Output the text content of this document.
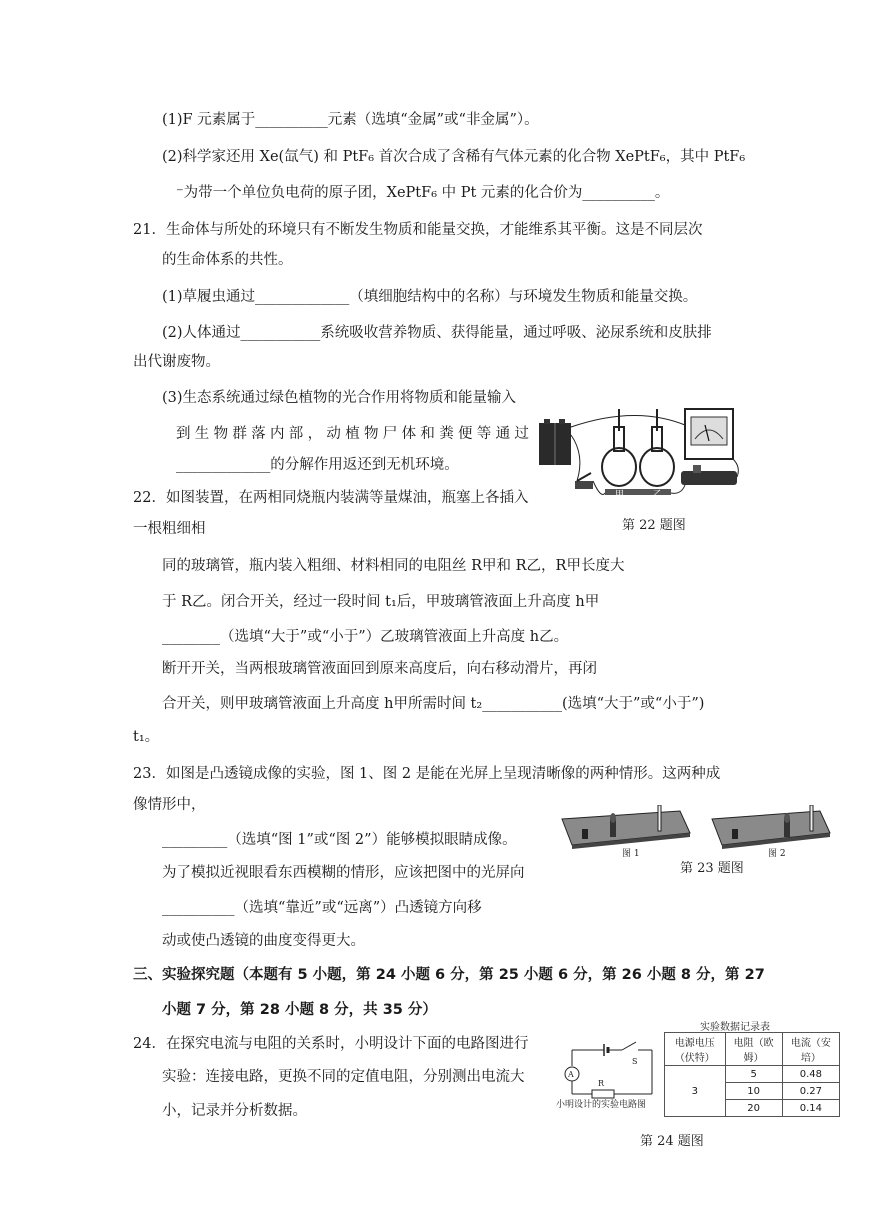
(1)F 元素属于__________元素（选填“金属”或“非金属”）。
(2)科学家还用 Xe(氙气) 和 PtF₆ 首次合成了含稀有气体元素的化合物 XePtF₆，其中 PtF₆
⁻为带一个单位负电荷的原子团，XePtF₆ 中 Pt 元素的化合价为__________。
21．生命体与所处的环境只有不断发生物质和能量交换，才能维系其平衡。这是不同层次
的生命体系的共性。
(1)草履虫通过_____________（填细胞结构中的名称）与环境发生物质和能量交换。
(2)人体通过___________系统吸收营养物质、获得能量，通过呼吸、泌尿系统和皮肤排
出代谢废物。
(3)生态系统通过绿色植物的光合作用将物质和能量输入
到生物群落内部，动植物尸体和粪便等通过
_____________的分解作用返还到无机环境。
22．如图装置，在两相同烧瓶内装满等量煤油，瓶塞上各插入
一根粗细相
同的玻璃管，瓶内装入粗细、材料相同的电阻丝 R甲和 R乙，R甲长度大
于 R乙。闭合开关，经过一段时间 t₁后，甲玻璃管液面上升高度 h甲
________（选填“大于”或“小于”）乙玻璃管液面上升高度 h乙。
断开开关，当两根玻璃管液面回到原来高度后，向右移动滑片，再闭
合开关，则甲玻璃管液面上升高度 h甲所需时间 t₂___________(选填“大于”或“小于”)
t₁。
23．如图是凸透镜成像的实验，图 1、图 2 是能在光屏上呈现清晰像的两种情形。这两种成
像情形中，
_________（选填“图 1”或“图 2”）能够模拟眼睛成像。
为了模拟近视眼看东西模糊的情形，应该把图中的光屏向
__________（选填“靠近”或“远离”）凸透镜方向移
动或使凸透镜的曲度变得更大。
三、实验探究题（本题有 5 小题，第 24 小题 6 分，第 25 小题 6 分，第 26 小题 8 分，第 27
小题 7 分，第 28 小题 8 分，共 35 分）
24．在探究电流与电阻的关系时，小明设计下面的电路图进行
实验：连接电路，更换不同的定值电阻，分别测出电流大
小，记录并分析数据。
甲	乙
第 22 题图
图 1	图 2
第 23 题图
S
A
R
小明设计的实验电路图
实验数据记录表
电源电压（伏特）	电阻（欧姆）	电流（安培）
3	5	0.48
	10	0.27
	20	0.14
第 24 题图
